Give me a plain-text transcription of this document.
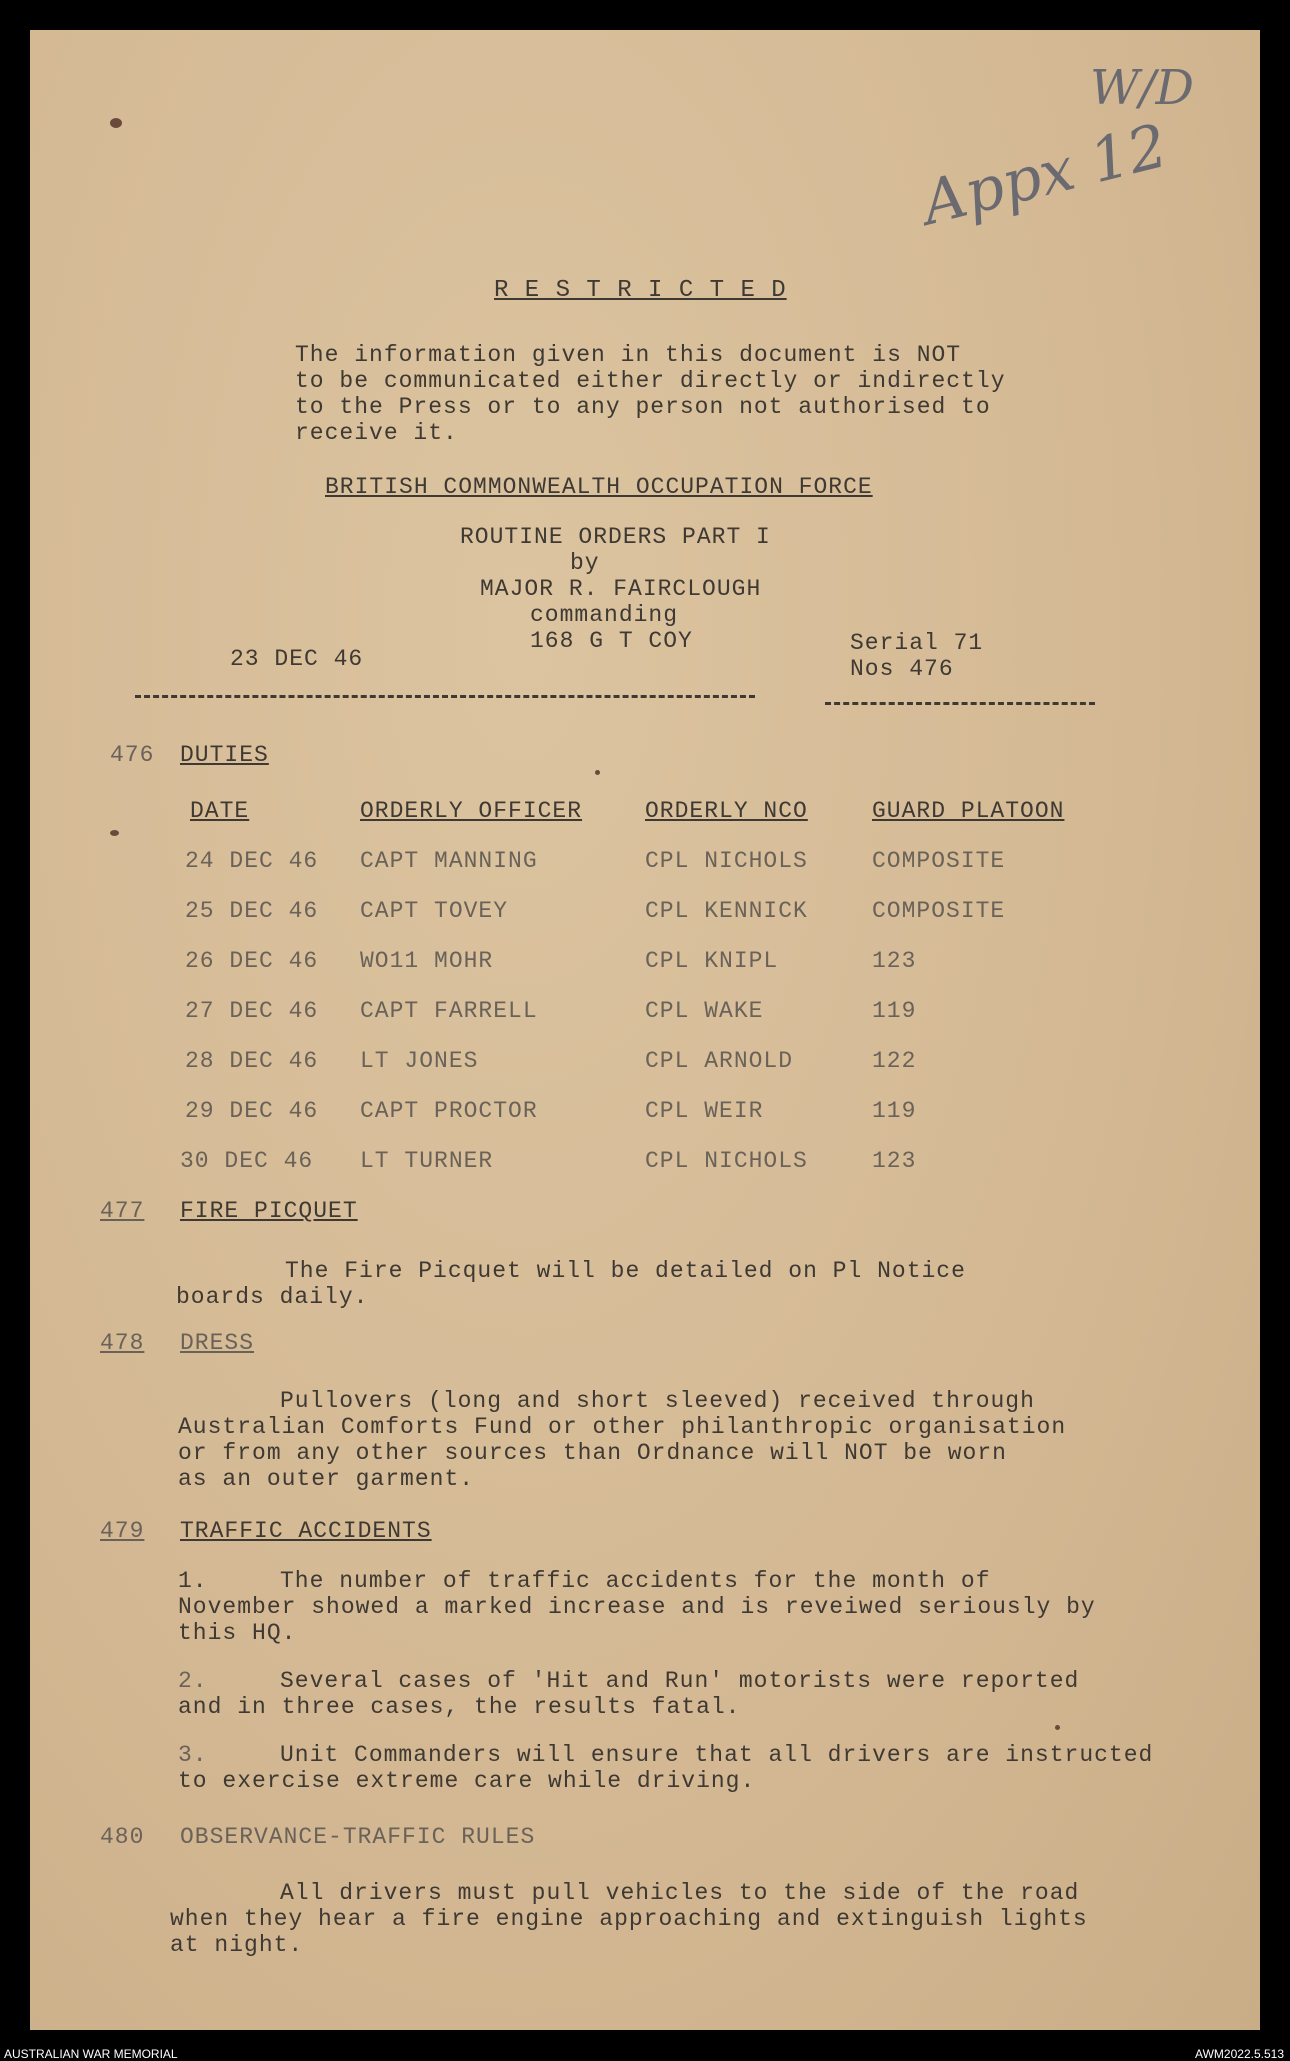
W/D
Appx 12
R E S T R I C T E D
The information given in this document is NOT
to be communicated either directly or indirectly
to the Press or to any person not authorised to
receive it.
BRITISH COMMONWEALTH OCCUPATION FORCE
ROUTINE ORDERS PART I
by
MAJOR R. FAIRCLOUGH
commanding
168 G T COY
23 DEC 46
Serial 71
Nos 476
476 DUTIES
DATE	ORDERLY OFFICER	ORDERLY NCO	GUARD PLATOON
24 DEC 46 CAPT MANNING	CPL NICHOLS	COMPOSITE
25 DEC 46 CAPT TOVEY	CPL KENNICK	COMPOSITE
26 DEC 46 WO11 MOHR	CPL KNIPL	123
27 DEC 46 CAPT FARRELL	CPL WAKE	119
28 DEC 46 LT JONES	CPL ARNOLD	122
29 DEC 46 CAPT PROCTOR	CPL WEIR	119
30 DEC 46 LT TURNER	CPL NICHOLS	123
477 FIRE PICQUET
The Fire Picquet will be detailed on Pl Notice
boards daily.
478 DRESS
Pullovers (long and short sleeved) received through
Australian Comforts Fund or other philanthropic organisation
or from any other sources than Ordnance will NOT be worn
as an outer garment.
479 TRAFFIC ACCIDENTS
1.	The number of traffic accidents for the month of
November showed a marked increase and is reveiwed seriously by
this HQ.
2.	Several cases of 'Hit and Run' motorists were reported
and in three cases, the results fatal.
3.	Unit Commanders will ensure that all drivers are instructed
to exercise extreme care while driving.
480 OBSERVANCE-TRAFFIC RULES
All drivers must pull vehicles to the side of the road
when they hear a fire engine approaching and extinguish lights
at night.
AUSTRALIAN WAR MEMORIAL	AWM2022.5.513
